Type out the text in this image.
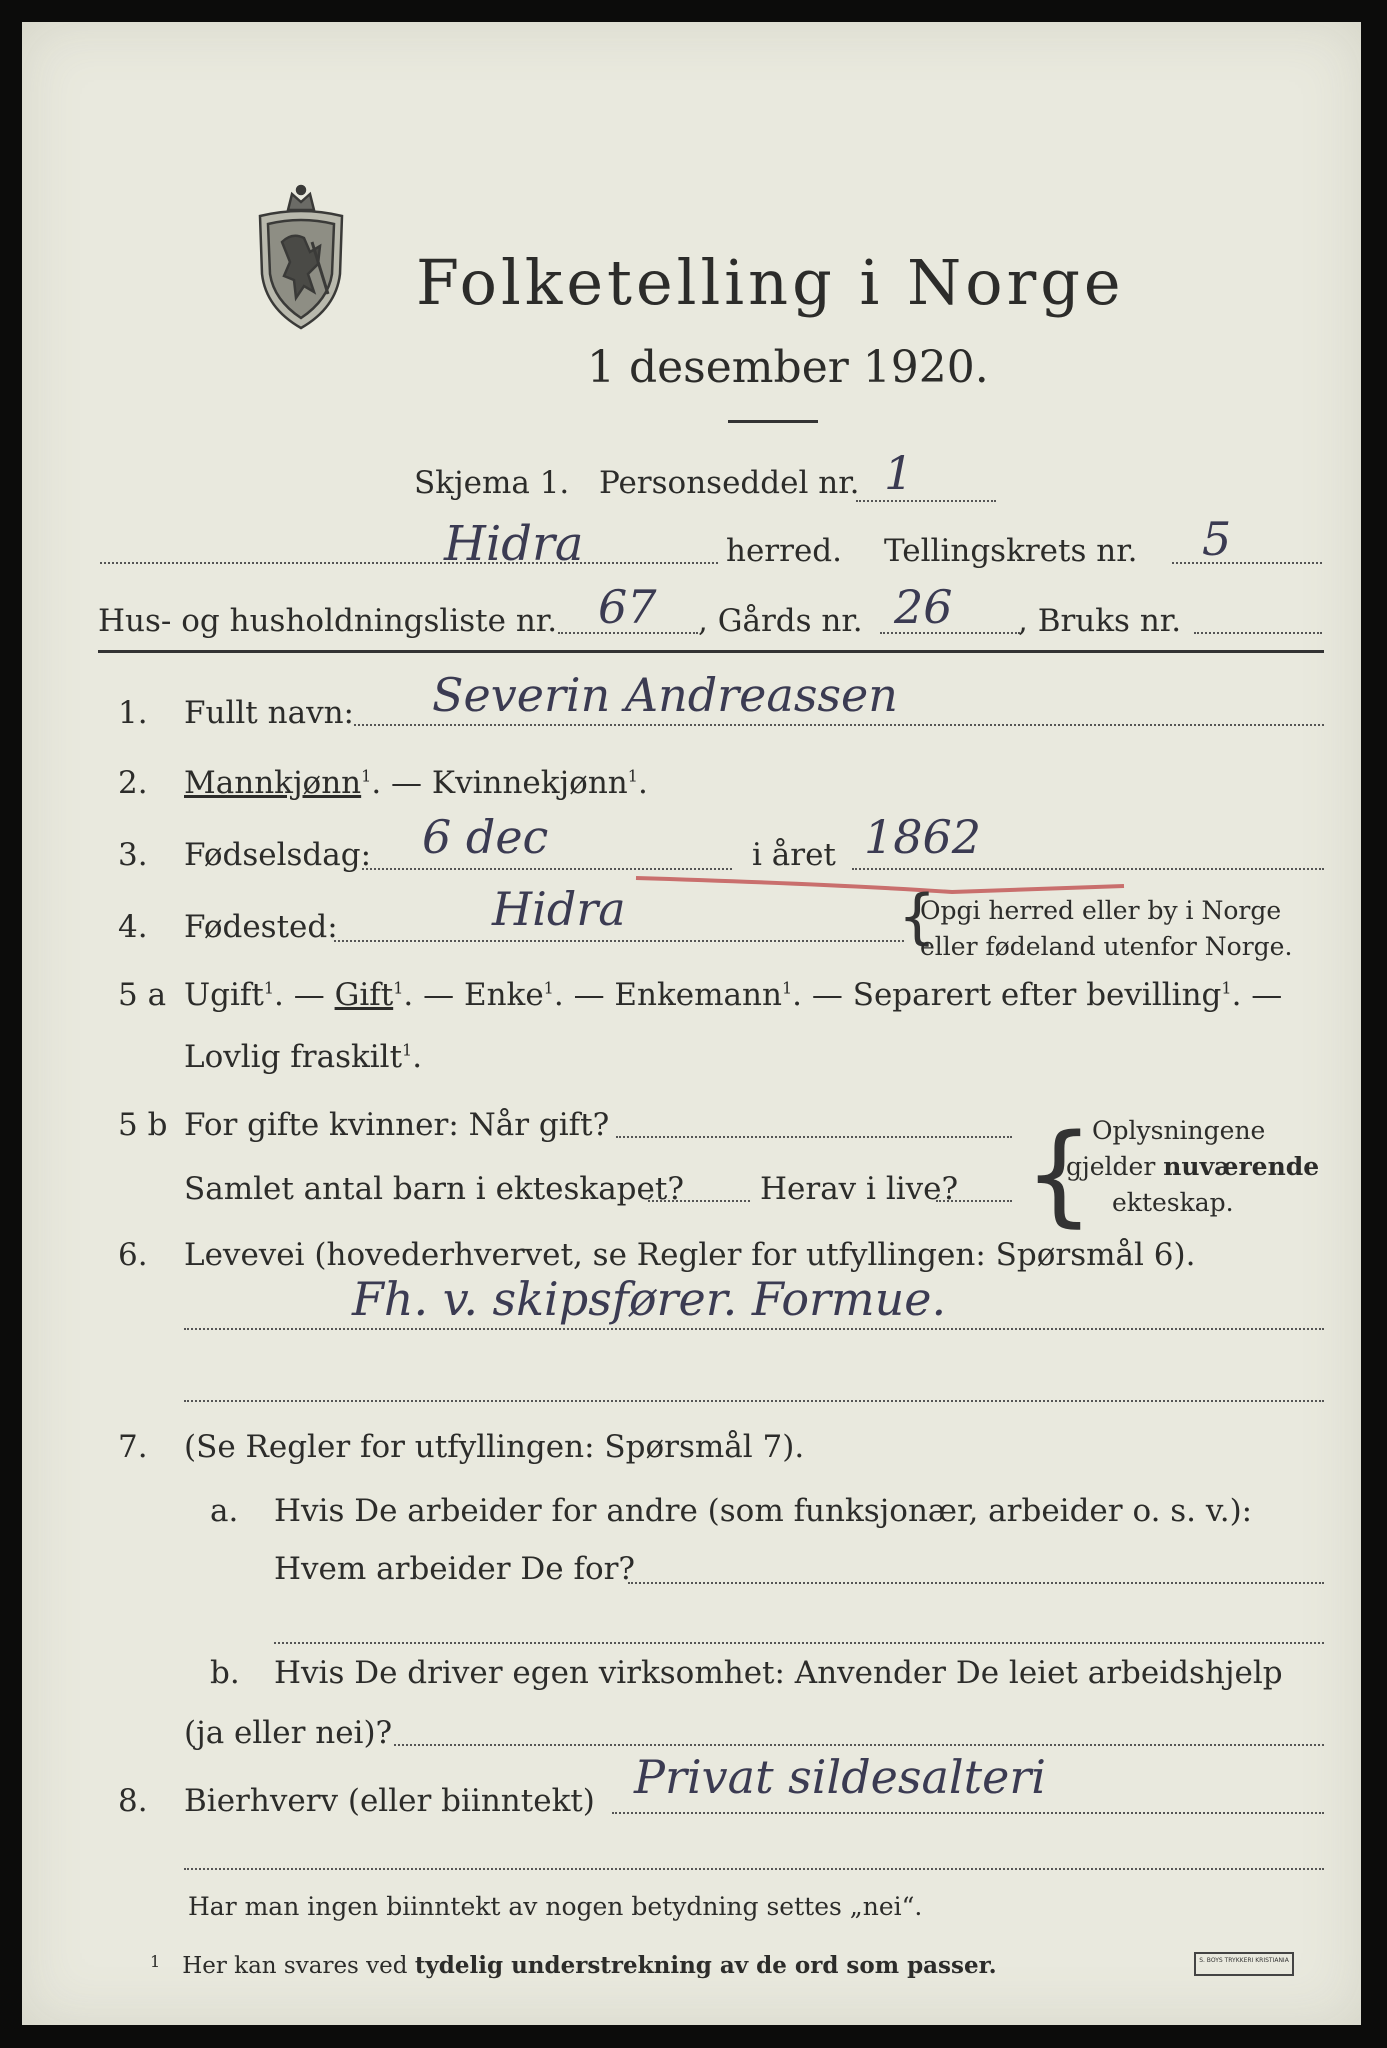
Folketelling i Norge
1 desember 1920.
Skjema 1. Personseddel nr. 1
Hidra	herred. Tellingskrets nr. 5
Hus- og husholdningsliste nr. 67 , Gårds nr. 26 , Bruks nr.
1. Fullt navn: Severin Andreassen
2. Mannkjønn$^1$. — Kvinnekjønn$^1$.
3. Fødselsdag: 6 dec	i året 1862
4. Fødested:	Hidra	{
Opgi herred eller by i Norge
eller fødeland utenfor Norge.
5 a Ugift$^1$. — Gift$^1$. — Enke$^1$. — Enkemann$^1$. — Separert efter bevilling$^1$. —
Lovlig fraskilt$^1$.
5 b For gifte kvinner: Når gift?
Samlet antal barn i ekteskapet? Herav i live? {
Oplysningene
gjelder nuværende
ekteskap.
6. Levevei (hovederhvervet, se Regler for utfyllingen: Spørsmål 6).
Fh. v. skipsfører. Formue.
7. (Se Regler for utfyllingen: Spørsmål 7).
a. Hvis De arbeider for andre (som funksjonær, arbeider o. s. v.):
Hvem arbeider De for?
b. Hvis De driver egen virksomhet: Anvender De leiet arbeidshjelp
(ja eller nei)?
8. Bierhverv (eller biinntekt) Privat sildesalteri
Har man ingen biinntekt av nogen betydning settes „nei“.
$^1$ Her kan svares ved tydelig understrekning av de ord som passer.	S. BOYS TRYKKERI KRISTIANIA
